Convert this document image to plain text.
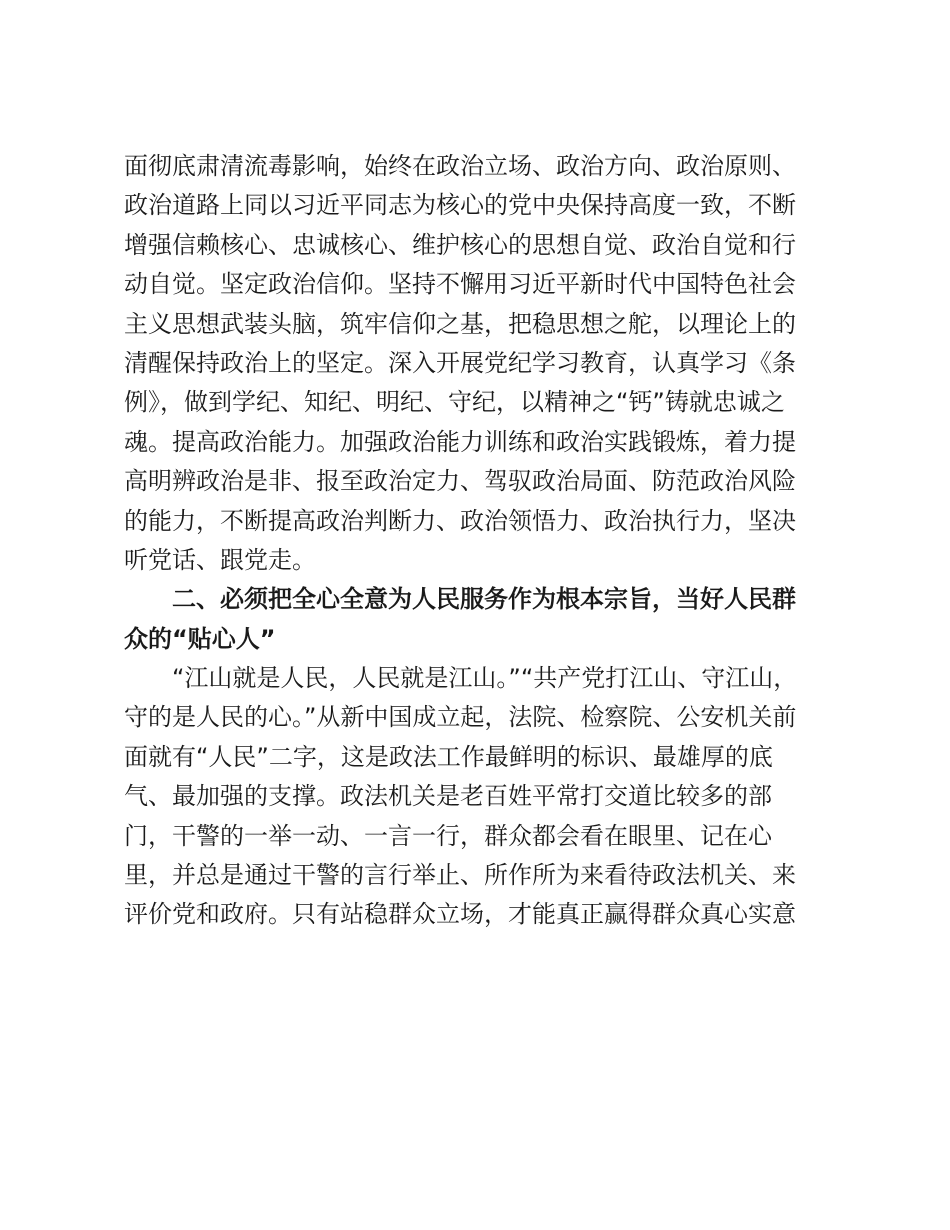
面彻底肃清流毒影响，始终在政治立场、政治方向、政治原则、
政治道路上同以习近平同志为核心的党中央保持高度一致，不断
增强信赖核心、忠诚核心、维护核心的思想自觉、政治自觉和行
动自觉。坚定政治信仰。坚持不懈用习近平新时代中国特色社会
主义思想武装头脑，筑牢信仰之基，把稳思想之舵，以理论上的
清醒保持政治上的坚定。深入开展党纪学习教育，认真学习《条
例》，做到学纪、知纪、明纪、守纪，以精神之“钙”铸就忠诚之
魂。提高政治能力。加强政治能力训练和政治实践锻炼，着力提
高明辨政治是非、报至政治定力、驾驭政治局面、防范政治风险
的能力，不断提高政治判断力、政治领悟力、政治执行力，坚决
听党话、跟党走。
二、必须把全心全意为人民服务作为根本宗旨，当好人民群
众的“贴心人”
“江山就是人民，人民就是江山。”“共产党打江山、守江山，
守的是人民的心。”从新中国成立起，法院、检察院、公安机关前
面就有“人民”二字，这是政法工作最鲜明的标识、最雄厚的底
气、最加强的支撑。政法机关是老百姓平常打交道比较多的部
门，干警的一举一动、一言一行，群众都会看在眼里、记在心
里，并总是通过干警的言行举止、所作所为来看待政法机关、来
评价党和政府。只有站稳群众立场，才能真正赢得群众真心实意
